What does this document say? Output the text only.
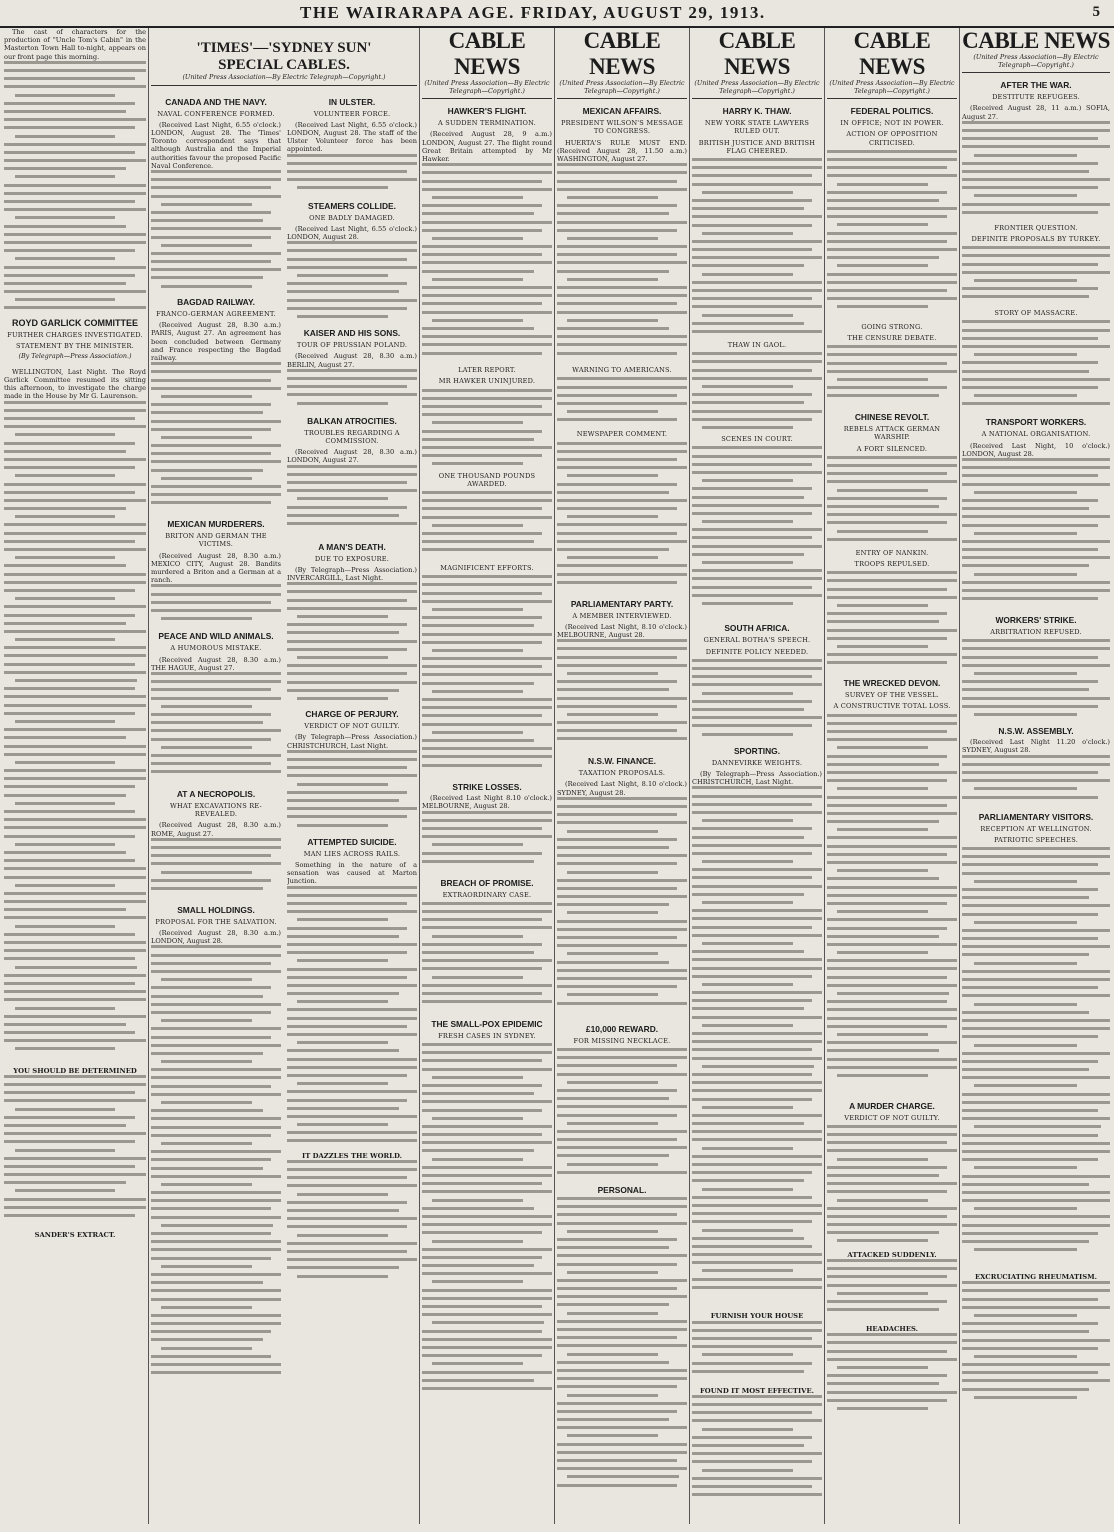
THE WAIRARAPA AGE. FRIDAY, AUGUST 29, 1913.	5

The cast of characters for the production of "Uncle Tom's Cabin" in the Masterton Town Hall to-night, appears on our front page this morning.

ROYD GARLICK COMMITTEE
FURTHER CHARGES INVESTIGATED.
STATEMENT BY THE MINISTER.
(By Telegraph—Press Association.)

WELLINGTON, Last Night. The Royd Garlick Committee resumed its sitting this afternoon, to investigate the charge made in the House by Mr G. Laurenson.

YOU SHOULD BE DETERMINED
SANDER'S EXTRACT.
'TIMES'—'SYDNEY SUN'
SPECIAL CABLES.
(United Press Association—By Electric Telegraph—Copyright.)
CANADA AND THE NAVY.
NAVAL CONFERENCE FORMED.

(Received Last Night, 6.55 o'clock.) LONDON, August 28. The 'Times' Toronto correspondent says that although Australia and the Imperial authorities favour the proposed Pacific Naval Conference.

BAGDAD RAILWAY.
FRANCO-GERMAN AGREEMENT.

(Received August 28, 8.30 a.m.) PARIS, August 27. An agreement has been concluded between Germany and France respecting the Bagdad railway.

MEXICAN MURDERERS.
BRITON AND GERMAN THE VICTIMS.

(Received August 28, 8.30 a.m.) MEXICO CITY, August 28. Bandits murdered a Briton and a German at a ranch.

PEACE AND WILD ANIMALS.
A HUMOROUS MISTAKE.

(Received August 28, 8.30 a.m.) THE HAGUE, August 27.

AT A NECROPOLIS.
WHAT EXCAVATIONS RE-REVEALED.

(Received August 28, 8.30 a.m.) ROME, August 27.

SMALL HOLDINGS.
PROPOSAL FOR THE SALVATION.

(Received August 28, 8.30 a.m.) LONDON, August 28.

IN ULSTER.
VOLUNTEER FORCE.

(Received Last Night, 6.55 o'clock.) LONDON, August 28. The staff of the Ulster Volunteer force has been appointed.

STEAMERS COLLIDE.
ONE BADLY DAMAGED.

(Received Last Night, 6.55 o'clock.) LONDON, August 28.

KAISER AND HIS SONS.
TOUR OF PRUSSIAN POLAND.

(Received August 28, 8.30 a.m.) BERLIN, August 27.

BALKAN ATROCITIES.
TROUBLES REGARDING A COMMISSION.

(Received August 28, 8.30 a.m.) LONDON, August 27.

A MAN'S DEATH.
DUE TO EXPOSURE.

(By Telegraph—Press Association.) INVERCARGILL, Last Night.

CHARGE OF PERJURY.
VERDICT OF NOT GUILTY.

(By Telegraph—Press Association.) CHRISTCHURCH, Last Night.

ATTEMPTED SUICIDE.
MAN LIES ACROSS RAILS.

Something in the nature of a sensation was caused at Marton Junction.

IT DAZZLES THE WORLD.
CABLE NEWS
(United Press Association—By Electric Telegraph—Copyright.)
HAWKER'S FLIGHT.
A SUDDEN TERMINATION.

(Received August 28, 9 a.m.) LONDON, August 27. The flight round Great Britain attempted by Mr Hawker.

LATER REPORT.
MR HAWKER UNINJURED.
ONE THOUSAND POUNDS AWARDED.
MAGNIFICENT EFFORTS.
STRIKE LOSSES.

(Received Last Night 8.10 o'clock.) MELBOURNE, August 28.

BREACH OF PROMISE.
EXTRAORDINARY CASE.
THE SMALL-POX EPIDEMIC
FRESH CASES IN SYDNEY.
CABLE NEWS
(United Press Association—By Electric Telegraph—Copyright.)
MEXICAN AFFAIRS.
PRESIDENT WILSON'S MESSAGE TO CONGRESS.

HUERTA'S RULE MUST END. (Received August 28, 11.50 a.m.) WASHINGTON, August 27.

WARNING TO AMERICANS.
NEWSPAPER COMMENT.
PARLIAMENTARY PARTY.
A MEMBER INTERVIEWED.

(Received Last Night, 8.10 o'clock.) MELBOURNE, August 28.

N.S.W. FINANCE.
TAXATION PROPOSALS.

(Received Last Night, 8.10 o'clock.) SYDNEY, August 28.

£10,000 REWARD.
FOR MISSING NECKLACE.
PERSONAL.
CABLE NEWS
(United Press Association—By Electric Telegraph—Copyright.)
HARRY K. THAW.
NEW YORK STATE LAWYERS RULED OUT.
BRITISH JUSTICE AND BRITISH FLAG CHEERED.
THAW IN GAOL.
SCENES IN COURT.
SOUTH AFRICA.
GENERAL BOTHA'S SPEECH.
DEFINITE POLICY NEEDED.
SPORTING.
DANNEVIRKE WEIGHTS.

(By Telegraph—Press Association.) CHRISTCHURCH, Last Night.

FURNISH YOUR HOUSE
FOUND IT MOST EFFECTIVE.
CABLE NEWS
(United Press Association—By Electric Telegraph—Copyright.)
FEDERAL POLITICS.
IN OFFICE; NOT IN POWER.
ACTION OF OPPOSITION CRITICISED.
GOING STRONG.
THE CENSURE DEBATE.
CHINESE REVOLT.
REBELS ATTACK GERMAN WARSHIP.
A FORT SILENCED.
ENTRY OF NANKIN.
TROOPS REPULSED.
THE WRECKED DEVON.
SURVEY OF THE VESSEL.
A CONSTRUCTIVE TOTAL LOSS.
A MURDER CHARGE.
VERDICT OF NOT GUILTY.
ATTACKED SUDDENLY.
HEADACHES.
CABLE NEWS
(United Press Association—By Electric Telegraph—Copyright.)
AFTER THE WAR.
DESTITUTE REFUGEES.

(Received August 28, 11 a.m.) SOFIA, August 27.

FRONTIER QUESTION.
DEFINITE PROPOSALS BY TURKEY.
STORY OF MASSACRE.
TRANSPORT WORKERS.
A NATIONAL ORGANISATION.

(Received Last Night, 10 o'clock.) LONDON, August 28.

WORKERS' STRIKE.
ARBITRATION REFUSED.
N.S.W. ASSEMBLY.

(Received Last Night 11.20 o'clock.) SYDNEY, August 28.

PARLIAMENTARY VISITORS.
RECEPTION AT WELLINGTON.
PATRIOTIC SPEECHES.
EXCRUCIATING RHEUMATISM.
